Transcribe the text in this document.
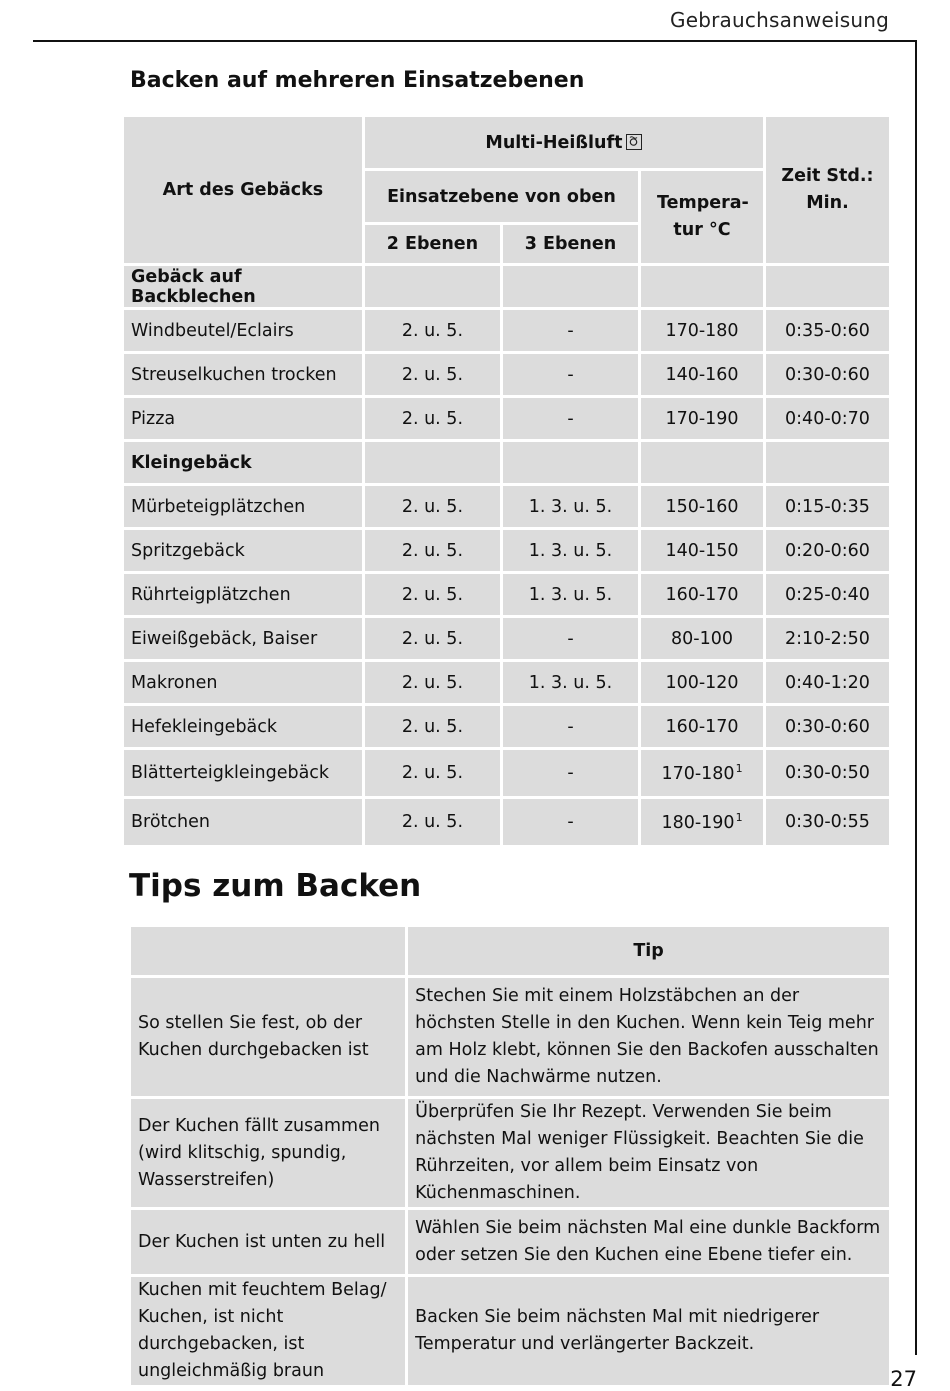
Gebrauchsanweisung
Backen auf mehreren Einsatzebenen
Art des Gebäcks	Multi-Heißluft			Zeit Std.: Min.
	Einsatzebene von oben		Tempera-tur °C	
	2 Ebenen	3 Ebenen		
Gebäck auf Backblechen				
Windbeutel/Eclairs	2. u. 5.	-	170-180	0:35-0:60
Streuselkuchen trocken	2. u. 5.	-	140-160	0:30-0:60
Pizza	2. u. 5.	-	170-190	0:40-0:70
Kleingebäck				
Mürbeteigplätzchen	2. u. 5.	1. 3. u. 5.	150-160	0:15-0:35
Spritzgebäck	2. u. 5.	1. 3. u. 5.	140-150	0:20-0:60
Rührteigplätzchen	2. u. 5.	1. 3. u. 5.	160-170	0:25-0:40
Eiweißgebäck, Baiser	2. u. 5.	-	80-100	2:10-2:50
Makronen	2. u. 5.	1. 3. u. 5.	100-120	0:40-1:20
Hefekleingebäck	2. u. 5.	-	160-170	0:30-0:60
Blätterteigkleingebäck	2. u. 5.	-	$170-180^1$	0:30-0:50
Brötchen	2. u. 5.	-	$180-190^1$	0:30-0:55
Tips zum Backen
	Tip
So stellen Sie fest, ob der Kuchen durchgebacken ist	Stechen Sie mit einem Holzstäbchen an der höchsten Stelle in den Kuchen. Wenn kein Teig mehr am Holz klebt, können Sie den Backofen ausschalten und die Nachwärme nutzen.
Der Kuchen fällt zusammen (wird klitschig, spundig, Wasserstreifen)	Überprüfen Sie Ihr Rezept. Verwenden Sie beim nächsten Mal weniger Flüssigkeit. Beachten Sie die Rührzeiten, vor allem beim Einsatz von Küchenmaschinen.
Der Kuchen ist unten zu hell	Wählen Sie beim nächsten Mal eine dunkle Backform oder setzen Sie den Kuchen eine Ebene tiefer ein.
Kuchen mit feuchtem Belag/ Kuchen, ist nicht durchgebacken, ist ungleichmäßig braun	Backen Sie beim nächsten Mal mit niedrigerer Temperatur und verlängerter Backzeit.
27
